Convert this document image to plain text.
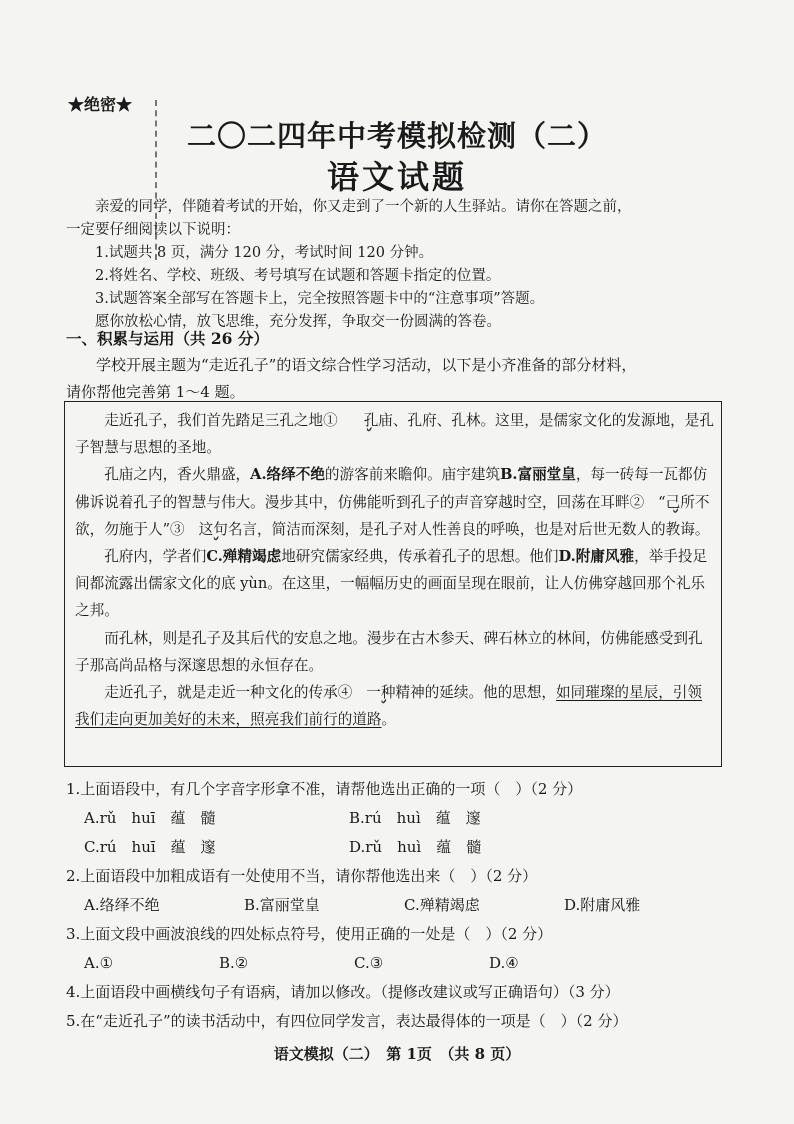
★绝密★
二〇二四年中考模拟检测（二）
语文试题

亲爱的同学，伴随着考试的开始，你又走到了一个新的人生驿站。请你在答题之前，

一定要仔细阅读以下说明：

1.试题共 8 页，满分 120 分，考试时间 120 分钟。

2.将姓名、学校、班级、考号填写在试题和答题卡指定的位置。

3.试题答案全部写在答题卡上，完全按照答题卡中的“注意事项”答题。

愿你放松心情，放飞思维，充分发挥，争取交一份圆满的答卷。

一、积累与运用（共 26 分）

学校开展主题为“走近孔子”的语文综合性学习活动，以下是小齐准备的部分材料，

请你帮他完善第 1～4 题。

走近孔子，我们首先踏足三孔之地① 孔庙、孔府、孔林。这里，是儒家文化的发源地，是孔子智慧与思想的圣地。

孔庙之内，香火鼎盛，A.络绎不绝的游客前来瞻仰。庙宇建筑B.富丽堂皇，每一砖每一瓦都仿佛诉说着孔子的智慧与伟大。漫步其中，仿佛能听到孔子的声音穿越时空，回荡在耳畔② “己所不欲，勿施于人”③ 这句名言，简洁而深刻，是孔子对人性善良的呼唤，也是对后世无数人的教诲。

孔府内，学者们C.殚精竭虑地研究儒家经典，传承着孔子的思想。他们D.附庸风雅，举手投足间都流露出儒家文化的底 yùn。在这里，一幅幅历史的画面呈现在眼前，让人仿佛穿越回那个礼乐之邦。

而孔林，则是孔子及其后代的安息之地。漫步在古木参天、碑石林立的林间，仿佛能感受到孔子那高尚品格与深邃思想的永恒存在。

走近孔子，就是走近一种文化的传承④ 一种精神的延续。他的思想，如同璀璨的星辰，引领我们走向更加美好的未来，照亮我们前行的道路。

1.上面语段中，有几个字音字形拿不准，请帮他选出正确的一项（　）（2 分）
A.rǔ　huī　蕴　髓	B.rú　huì　蕴　邃
C.rú　huī　蕴　邃	D.rǔ　huì　蕴　髓
2.上面语段中加粗成语有一处使用不当，请你帮他选出来（　）（2 分）
A.络绎不绝	B.富丽堂皇	C.殚精竭虑	D.附庸风雅
3.上面文段中画波浪线的四处标点符号，使用正确的一处是（　）（2 分）
A.①	B.②	C.③	D.④
4.上面语段中画横线句子有语病，请加以修改。（提修改建议或写正确语句）（3 分）
5.在“走近孔子”的读书活动中，有四位同学发言，表达最得体的一项是（　）（2 分）
语文模拟（二）　第 1页　（共 8 页）
